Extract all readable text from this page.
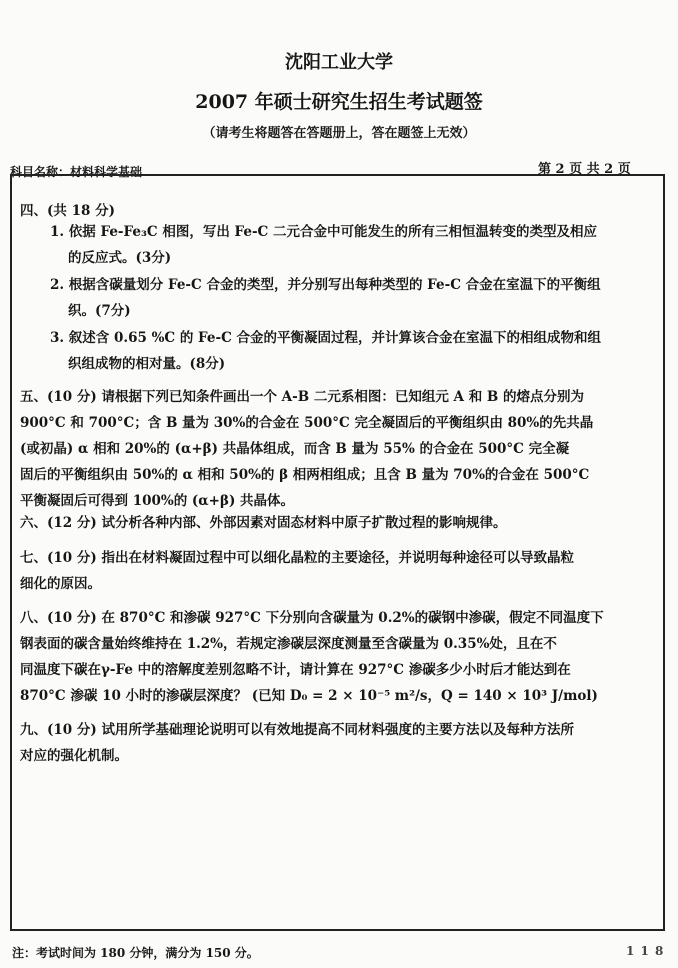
沈阳工业大学
2007 年硕士研究生招生考试题签
（请考生将题答在答题册上，答在题签上无效）
科目名称：材料科学基础	第 2 页 共 2 页
四、(共 18 分)
1. 依据 Fe-Fe₃C 相图，写出 Fe-C 二元合金中可能发生的所有三相恒温转变的类型及相应
的反应式。(3分)
2. 根据含碳量划分 Fe-C 合金的类型，并分别写出每种类型的 Fe-C 合金在室温下的平衡组
织。(7分)
3. 叙述含 0.65 %C 的 Fe-C 合金的平衡凝固过程，并计算该合金在室温下的相组成物和组
织组成物的相对量。(8分)
五、(10 分) 请根据下列已知条件画出一个 A-B 二元系相图：已知组元 A 和 B 的熔点分别为
900°C 和 700°C；含 B 量为 30%的合金在 500°C 完全凝固后的平衡组织由 80%的先共晶
(或初晶) α 相和 20%的 (α+β) 共晶体组成，而含 B 量为 55% 的合金在 500°C 完全凝
固后的平衡组织由 50%的 α 相和 50%的 β 相两相组成；且含 B 量为 70%的合金在 500°C
平衡凝固后可得到 100%的 (α+β) 共晶体。
六、(12 分) 试分析各种内部、外部因素对固态材料中原子扩散过程的影响规律。
七、(10 分) 指出在材料凝固过程中可以细化晶粒的主要途径，并说明每种途径可以导致晶粒
细化的原因。
八、(10 分) 在 870°C 和渗碳 927°C 下分别向含碳量为 0.2%的碳钢中渗碳，假定不同温度下
钢表面的碳含量始终维持在 1.2%，若规定渗碳层深度测量至含碳量为 0.35%处，且在不
同温度下碳在γ-Fe 中的溶解度差别忽略不计，请计算在 927°C 渗碳多少小时后才能达到在
870°C 渗碳 10 小时的渗碳层深度？ (已知 D₀ = 2 × 10⁻⁵ m²/s，Q = 140 × 10³ J/mol)
九、(10 分) 试用所学基础理论说明可以有效地提高不同材料强度的主要方法以及每种方法所
对应的强化机制。
注：考试时间为 180 分钟，满分为 150 分。	1 1 8
